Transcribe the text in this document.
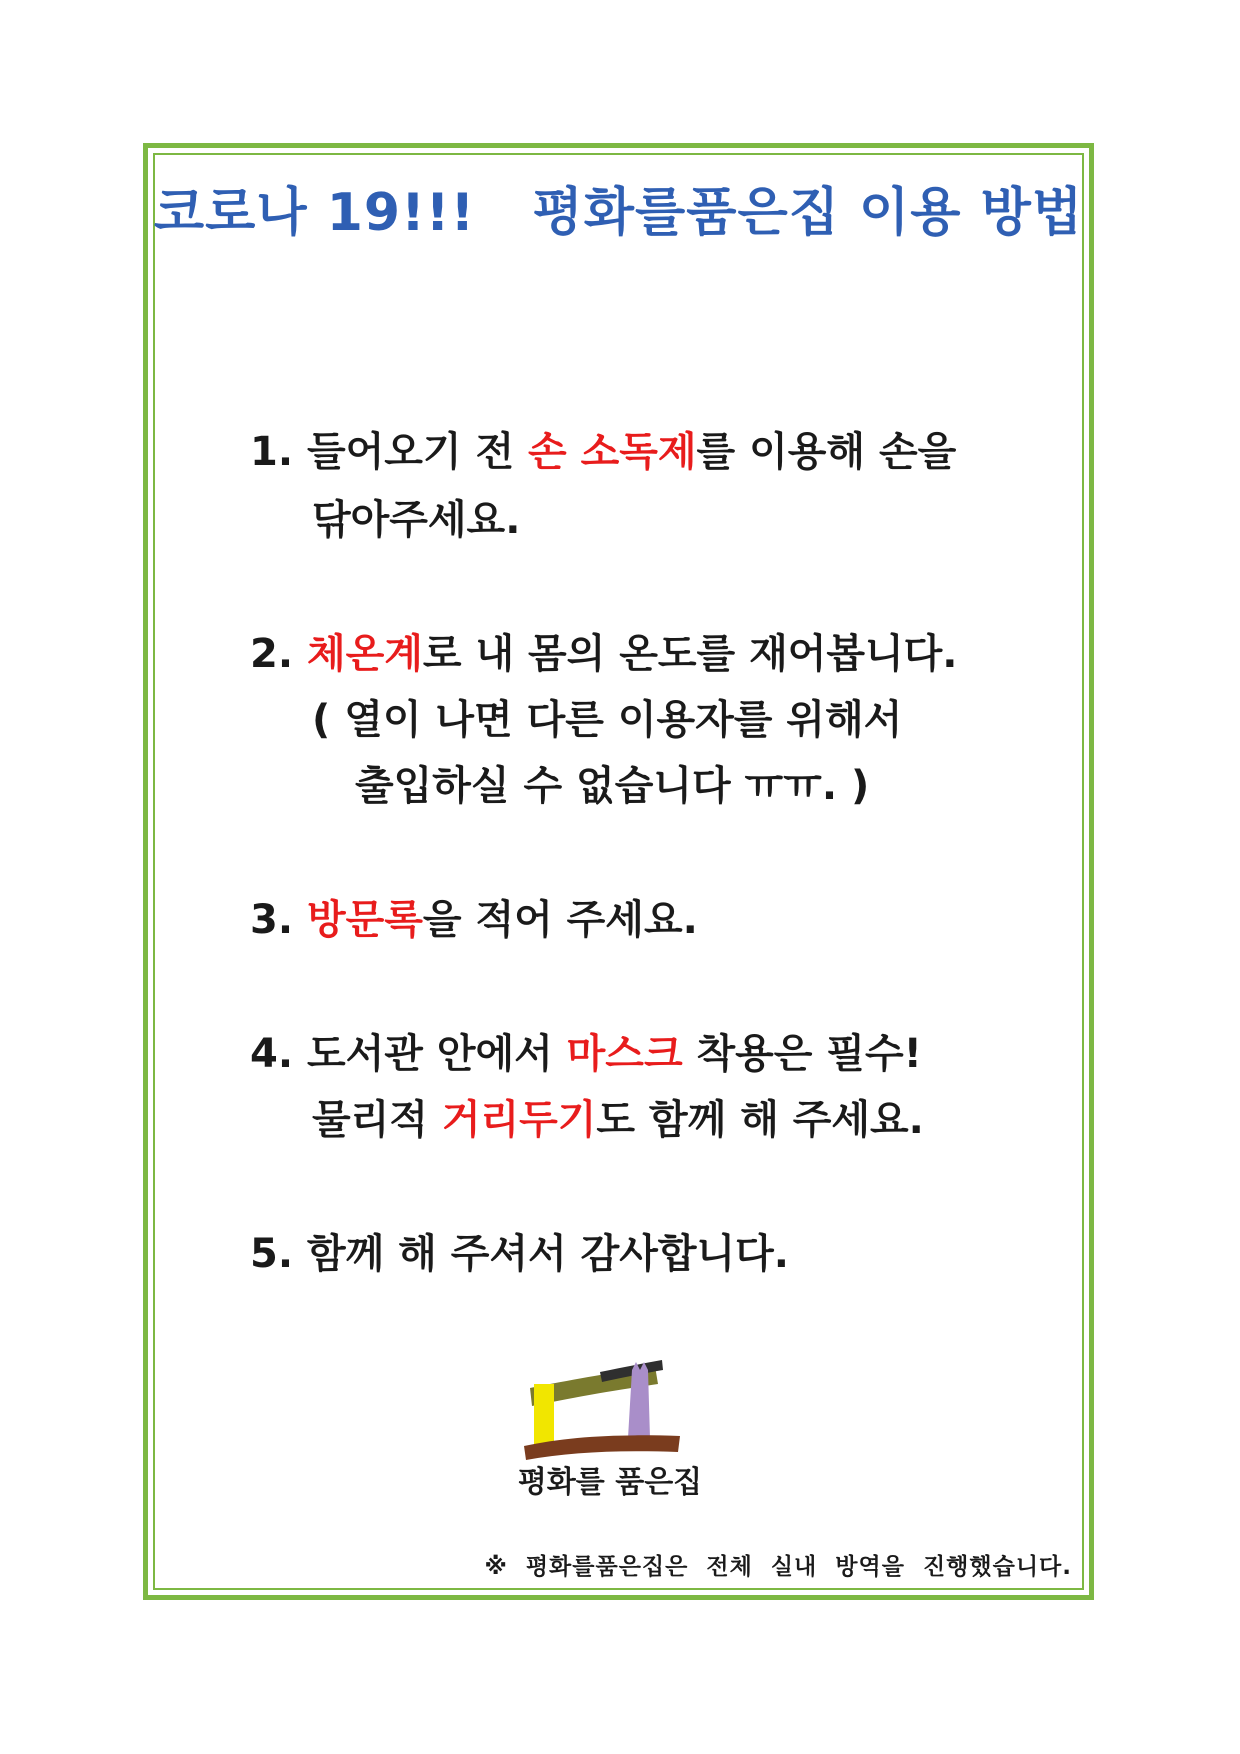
코로나 19!!!   평화를품은집 이용 방법
1. 들어오기 전 손 소독제를 이용해 손을
닦아주세요.
2. 체온계로 내 몸의 온도를 재어봅니다.
( 열이 나면 다른 이용자를 위해서
출입하실 수 없습니다 ㅠㅠ. )
3. 방문록을 적어 주세요.
4. 도서관 안에서 마스크 착용은 필수!
물리적 거리두기도 함께 해 주세요.
5. 함께 해 주셔서 감사합니다.
평화를 품은집
※  평화를품은집은  전체  실내  방역을  진행했습니다.
